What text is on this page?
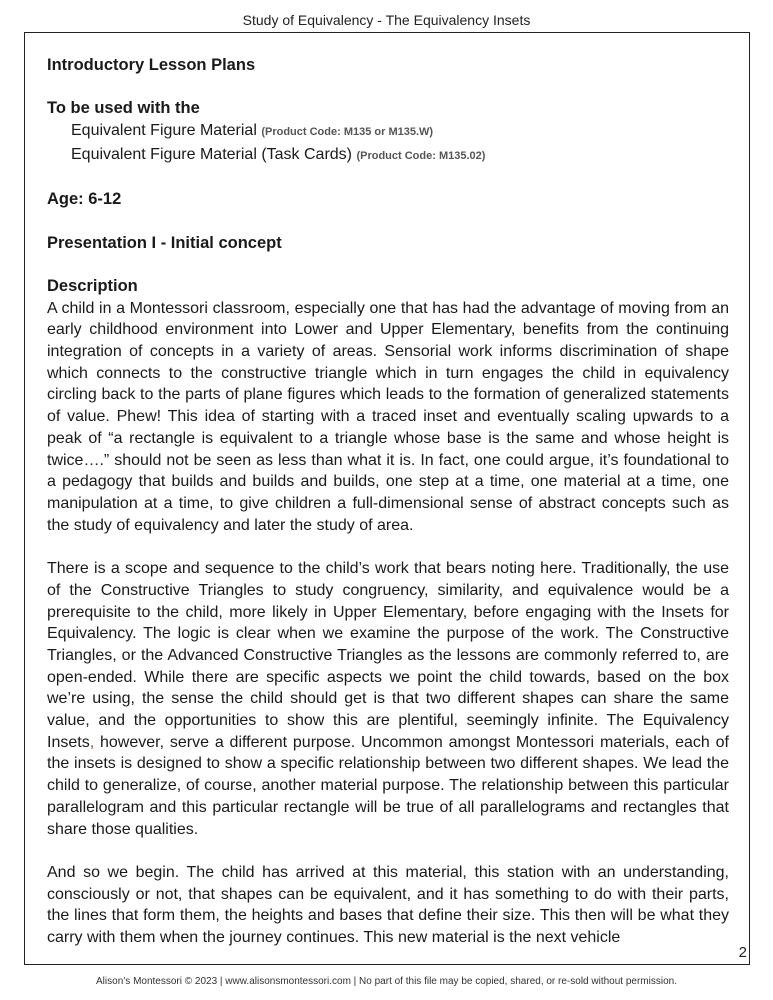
Study of Equivalency - The Equivalency Insets

Introductory Lesson Plans

To be used with the

Equivalent Figure Material (Product Code: M135 or M135.W)

Equivalent Figure Material (Task Cards) (Product Code: M135.02)

Age: 6-12

Presentation I - Initial concept

Description

A child in a Montessori classroom, especially one that has had the advantage of moving from an early childhood environment into Lower and Upper Elementary, benefits from the continuing integration of concepts in a variety of areas. Sensorial work informs discrimination of shape which connects to the constructive triangle which in turn engages the child in equivalency circling back to the parts of plane figures which leads to the formation of generalized statements of value. Phew! This idea of starting with a traced inset and eventually scaling upwards to a peak of “a rectangle is equivalent to a triangle whose base is the same and whose height is twice….” should not be seen as less than what it is. In fact, one could argue, it’s foundational to a pedagogy that builds and builds and builds, one step at a time, one material at a time, one manipulation at a time, to give children a full-dimensional sense of abstract concepts such as the study of equivalency and later the study of area.

There is a scope and sequence to the child’s work that bears noting here. Traditionally, the use of the Constructive Triangles to study congruency, similarity, and equivalence would be a prerequisite to the child, more likely in Upper Elementary, before engaging with the Insets for Equivalency. The logic is clear when we examine the purpose of the work. The Constructive Triangles, or the Advanced Constructive Triangles as the lessons are commonly referred to, are open-ended. While there are specific aspects we point the child towards, based on the box we’re using, the sense the child should get is that two different shapes can share the same value, and the opportunities to show this are plentiful, seemingly infinite. The Equivalency Insets, however, serve a different purpose. Uncommon amongst Montessori materials, each of the insets is designed to show a specific relationship between two different shapes. We lead the child to generalize, of course, another material purpose. The relationship between this particular parallelogram and this particular rectangle will be true of all parallelograms and rectangles that share those qualities.

And so we begin. The child has arrived at this material, this station with an understanding, consciously or not, that shapes can be equivalent, and it has something to do with their parts, the lines that form them, the heights and bases that define their size. This then will be what they carry with them when the journey continues. This new material is the next vehicle

2
Alison’s Montessori © 2023 | www.alisonsmontessori.com | No part of this file may be copied, shared, or re-sold without permission.
